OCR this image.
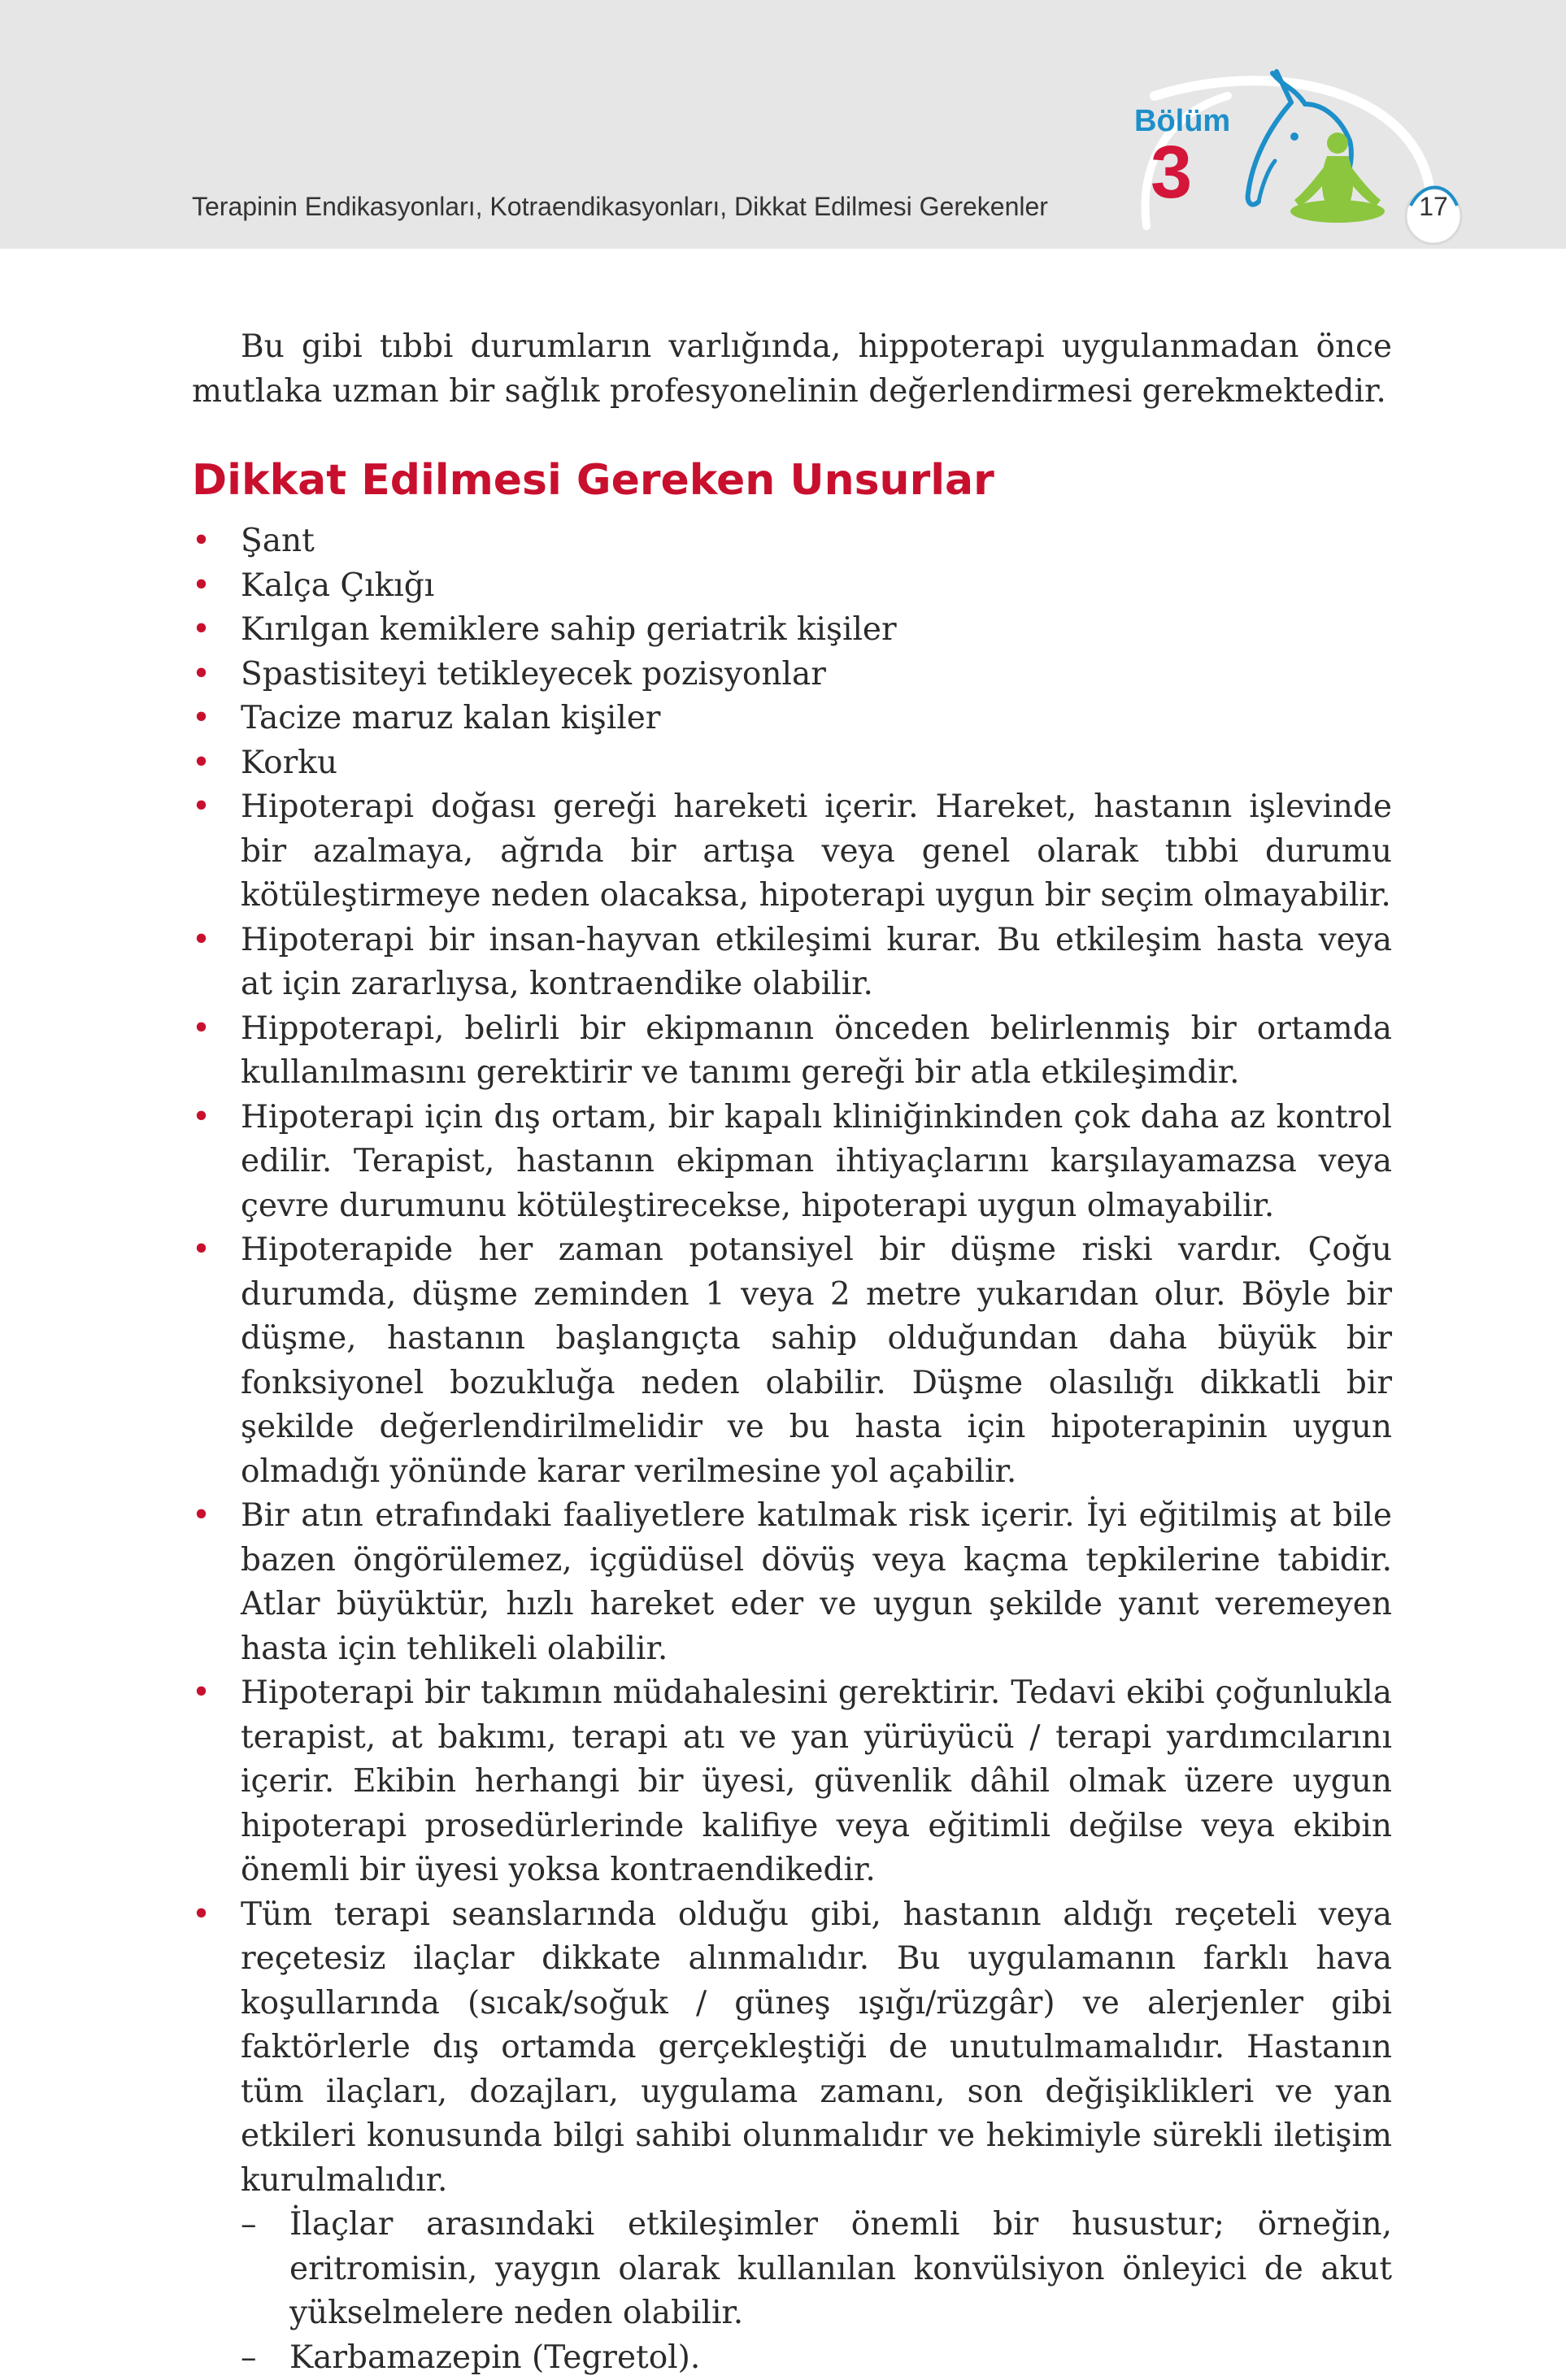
Terapinin Endikasyonları, Kotraendikasyonları, Dikkat Edilmesi Gerekenler
Bölüm
3	17

Bu gibi tıbbi durumların varlığında, hippoterapi uygulanmadan önce mutlaka uzman bir sağlık profesyonelinin değerlendirmesi gerekmektedir.

Dikkat Edilmesi Gereken Unsurlar
• Şant
• Kalça Çıkığı
• Kırılgan kemiklere sahip geriatrik kişiler
• Spastisiteyi tetikleyecek pozisyonlar
• Tacize maruz kalan kişiler
• Korku
• Hipoterapi doğası gereği hareketi içerir. Hareket, hastanın işlevinde bir azalmaya, ağrıda bir artışa veya genel olarak tıbbi durumu kötüleştirmeye neden olacaksa, hipoterapi uygun bir seçim olmayabilir.
• Hipoterapi bir insan-hayvan etkileşimi kurar. Bu etkileşim hasta veya at için zararlıysa, kontraendike olabilir.
• Hippoterapi, belirli bir ekipmanın önceden belirlenmiş bir ortamda kullanılmasını gerektirir ve tanımı gereği bir atla etkileşimdir.
• Hipoterapi için dış ortam, bir kapalı kliniğinkinden çok daha az kontrol edilir. Terapist, hastanın ekipman ihtiyaçlarını karşılayamazsa veya çevre durumunu kötüleştirecekse, hipoterapi uygun olmayabilir.
• Hipoterapide her zaman potansiyel bir düşme riski vardır. Çoğu durumda, düşme zeminden 1 veya 2 metre yukarıdan olur. Böyle bir düşme, hastanın başlangıçta sahip olduğundan daha büyük bir fonksiyonel bozukluğa neden olabilir. Düşme olasılığı dikkatli bir şekilde değerlendirilmelidir ve bu hasta için hipoterapinin uygun olmadığı yönünde karar verilmesine yol açabilir.
• Bir atın etrafındaki faaliyetlere katılmak risk içerir. İyi eğitilmiş at bile bazen öngörülemez, içgüdüsel dövüş veya kaçma tepkilerine tabidir. Atlar büyüktür, hızlı hareket eder ve uygun şekilde yanıt veremeyen hasta için tehlikeli olabilir.
• Hipoterapi bir takımın müdahalesini gerektirir. Tedavi ekibi çoğunlukla terapist, at bakımı, terapi atı ve yan yürüyücü / terapi yardımcılarını içerir. Ekibin herhangi bir üyesi, güvenlik dâhil olmak üzere uygun hipoterapi prosedürlerinde kalifiye veya eğitimli değilse veya ekibin önemli bir üyesi yoksa kontraendikedir.
• Tüm terapi seanslarında olduğu gibi, hastanın aldığı reçeteli veya reçetesiz ilaçlar dikkate alınmalıdır. Bu uygulamanın farklı hava koşullarında (sıcak/soğuk / güneş ışığı/rüzgâr) ve alerjenler gibi faktörlerle dış ortamda gerçekleştiği de unutulmamalıdır. Hastanın tüm ilaçları, dozajları, uygulama zamanı, son değişiklikleri ve yan etkileri konusunda bilgi sahibi olunmalıdır ve hekimiyle sürekli iletişim kurulmalıdır.
– İlaçlar arasındaki etkileşimler önemli bir husustur; örneğin, eritromisin, yaygın olarak kullanılan konvülsiyon önleyici de akut yükselmelere neden olabilir.
– Karbamazepin (Tegretol).
